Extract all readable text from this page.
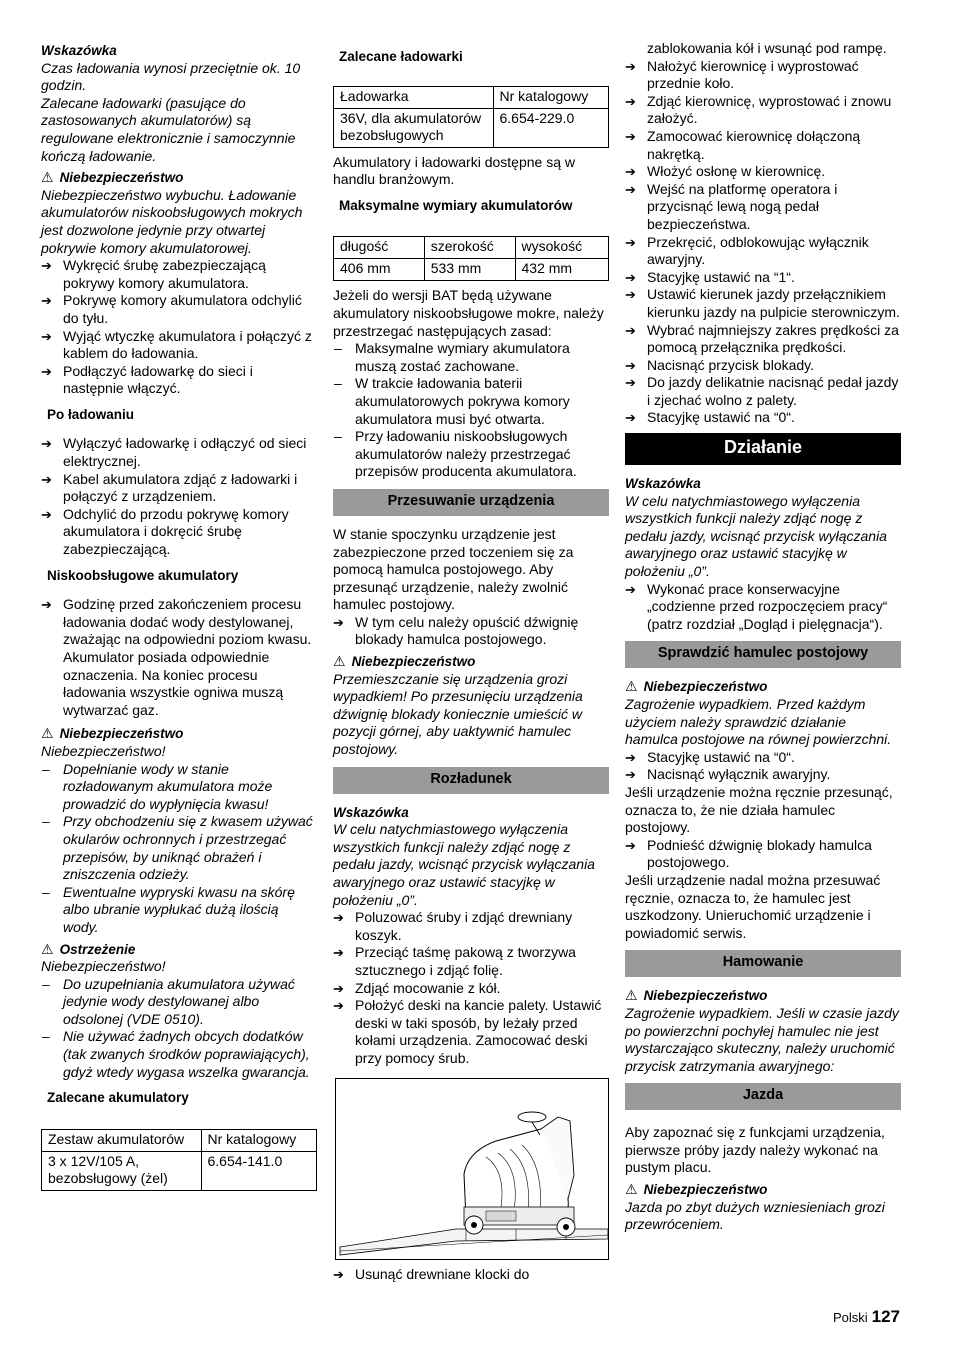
Wskazówka

Czas ładowania wynosi przeciętnie ok. 10 godzin.

Zalecane ładowarki (pasujące do zastosowanych akumulatorów) są regulowane elektronicznie i samoczynnie kończą ładowanie.

⚠ Niebezpieczeństwo

Niebezpieczeństwo wybuchu. Ładowanie akumulatorów niskoobsługowych mokrych jest dozwolone jedynie przy otwartej pokrywie komory akumulatorowej.

➔ Wykręcić śrubę zabezpieczającą pokrywy komory akumulatora.
➔ Pokrywę komory akumulatora odchylić do tyłu.
➔ Wyjąć wtyczkę akumulatora i połączyć z kablem do ładowania.
➔ Podłączyć ładowarkę do sieci i następnie włączyć.

Po ładowaniu

➔ Wyłączyć ładowarkę i odłączyć od sieci elektrycznej.
➔ Kabel akumulatora zdjąć z ładowarki i połączyć z urządzeniem.
➔ Odchylić do przodu pokrywę komory akumulatora i dokręcić śrubę zabezpieczającą.

Niskoobsługowe akumulatory

➔ Godzinę przed zakończeniem procesu ładowania dodać wody destylowanej, zważając na odpowiedni poziom kwasu. Akumulator posiada odpowiednie oznaczenia. Na koniec procesu ładowania wszystkie ogniwa muszą wytwarzać gaz.

⚠ Niebezpieczeństwo

Niebezpieczeństwo!

– Dopełnianie wody w stanie rozładowanym akumulatora może prowadzić do wypłynięcia kwasu!
– Przy obchodzeniu się z kwasem używać okularów ochronnych i przestrzegać przepisów, by uniknąć obrażeń i zniszczenia odzieży.
– Ewentualne wypryski kwasu na skórę albo ubranie wypłukać dużą ilością wody.

⚠ Ostrzeżenie

Niebezpieczeństwo!

– Do uzupełniania akumulatora używać jedynie wody destylowanej albo odsolonej (VDE 0510).
– Nie używać żadnych obcych dodatków (tak zwanych środków poprawiających), gdyż wtedy wygasa wszelka gwarancja.

Zalecane akumulatory

Zestaw akumulatorów	Nr katalogowy
3 x 12V/105 A, bezobsługowy (żel)	6.654-141.0

Zalecane ładowarki

Ładowarka	Nr katalogowy
36V, dla akumulatorów bezobsługowych	6.654-229.0

Akumulatory i ładowarki dostępne są w handlu branżowym.

Maksymalne wymiary akumulatorów

długość	szerokość	wysokość
406 mm	533 mm	432 mm

Jeżeli do wersji BAT będą używane akumulatory niskoobsługowe mokre, należy przestrzegać następujących zasad:

– Maksymalne wymiary akumulatora muszą zostać zachowane.
– W trakcie ładowania baterii akumulatorowych pokrywa komory akumulatora musi być otwarta.
– Przy ładowaniu niskoobsługowych akumulatorów należy przestrzegać przepisów producenta akumulatora.
Przesuwanie urządzenia

W stanie spoczynku urządzenie jest zabezpieczone przed toczeniem się za pomocą hamulca postojowego. Aby przesunąć urządzenie, należy zwolnić hamulec postojowy.

➔ W tym celu należy opuścić dźwignię blokady hamulca postojowego.

⚠ Niebezpieczeństwo

Przemieszczanie się urządzenia grozi wypadkiem! Po przesunięciu urządzenia dźwignię blokady koniecznie umieścić w pozycji górnej, aby uaktywnić hamulec postojowy.

Rozładunek

Wskazówka

W celu natychmiastowego wyłączenia wszystkich funkcji należy zdjąć nogę z pedału jazdy, wcisnąć przycisk wyłączania awaryjnego oraz ustawić stacyjkę w położeniu „0”.

➔ Poluzować śruby i zdjąć drewniany koszyk.
➔ Przeciąć taśmę pakową z tworzywa sztucznego i zdjąć folię.
➔ Zdjąć mocowanie z kół.
➔ Położyć deski na kancie palety. Ustawić deski w taki sposób, by leżały przed kołami urządzenia. Zamocować deski przy pomocy śrub.
➔ Usunąć drewniane klocki do

zablokowania kół i wsunąć pod rampę.

➔ Nałożyć kierownicę i wyprostować przednie koło.
➔ Zdjąć kierownicę, wyprostować i znowu założyć.
➔ Zamocować kierownicę dołączoną nakrętką.
➔ Włożyć osłonę w kierownicę.
➔ Wejść na platformę operatora i przycisnąć lewą nogą pedał bezpieczeństwa.
➔ Przekręcić, odblokowując wyłącznik awaryjny.
➔ Stacyjkę ustawić na “1“.
➔ Ustawić kierunek jazdy przełącznikiem kierunku jazdy na pulpicie sterowniczym.
➔ Wybrać najmniejszy zakres prędkości za pomocą przełącznika prędkości.
➔ Nacisnąć przycisk blokady.
➔ Do jazdy delikatnie nacisnąć pedał jazdy i zjechać wolno z palety.
➔ Stacyjkę ustawić na “0“.
Działanie

Wskazówka

W celu natychmiastowego wyłączenia wszystkich funkcji należy zdjąć nogę z pedału jazdy, wcisnąć przycisk wyłączania awaryjnego oraz ustawić stacyjkę w położeniu „0”.

➔ Wykonać prace konserwacyjne „codzienne przed rozpoczęciem pracy“ (patrz rozdział „Dogląd i pielęgnacja“).
Sprawdzić hamulec postojowy

⚠ Niebezpieczeństwo

Zagrożenie wypadkiem. Przed każdym użyciem należy sprawdzić działanie hamulca postojowe na równej powierzchni.

➔ Stacyjkę ustawić na “0“.
➔ Nacisnąć wyłącznik awaryjny.

Jeśli urządzenie można ręcznie przesunąć, oznacza to, że nie działa hamulec postojowy.

➔ Podnieść dźwignię blokady hamulca postojowego.

Jeśli urządzenie nadal można przesuwać ręcznie, oznacza to, że hamulec jest uszkodzony. Unieruchomić urządzenie i powiadomić serwis.

Hamowanie

⚠ Niebezpieczeństwo

Zagrożenie wypadkiem. Jeśli w czasie jazdy po powierzchni pochyłej hamulec nie jest wystarczająco skuteczny, należy uruchomić przycisk zatrzymania awaryjnego:

Jazda

Aby zapoznać się z funkcjami urządzenia, pierwsze próby jazdy należy wykonać na pustym placu.

⚠ Niebezpieczeństwo

Jazda po zbyt dużych wzniesieniach grozi przewróceniem.

Polski 127
